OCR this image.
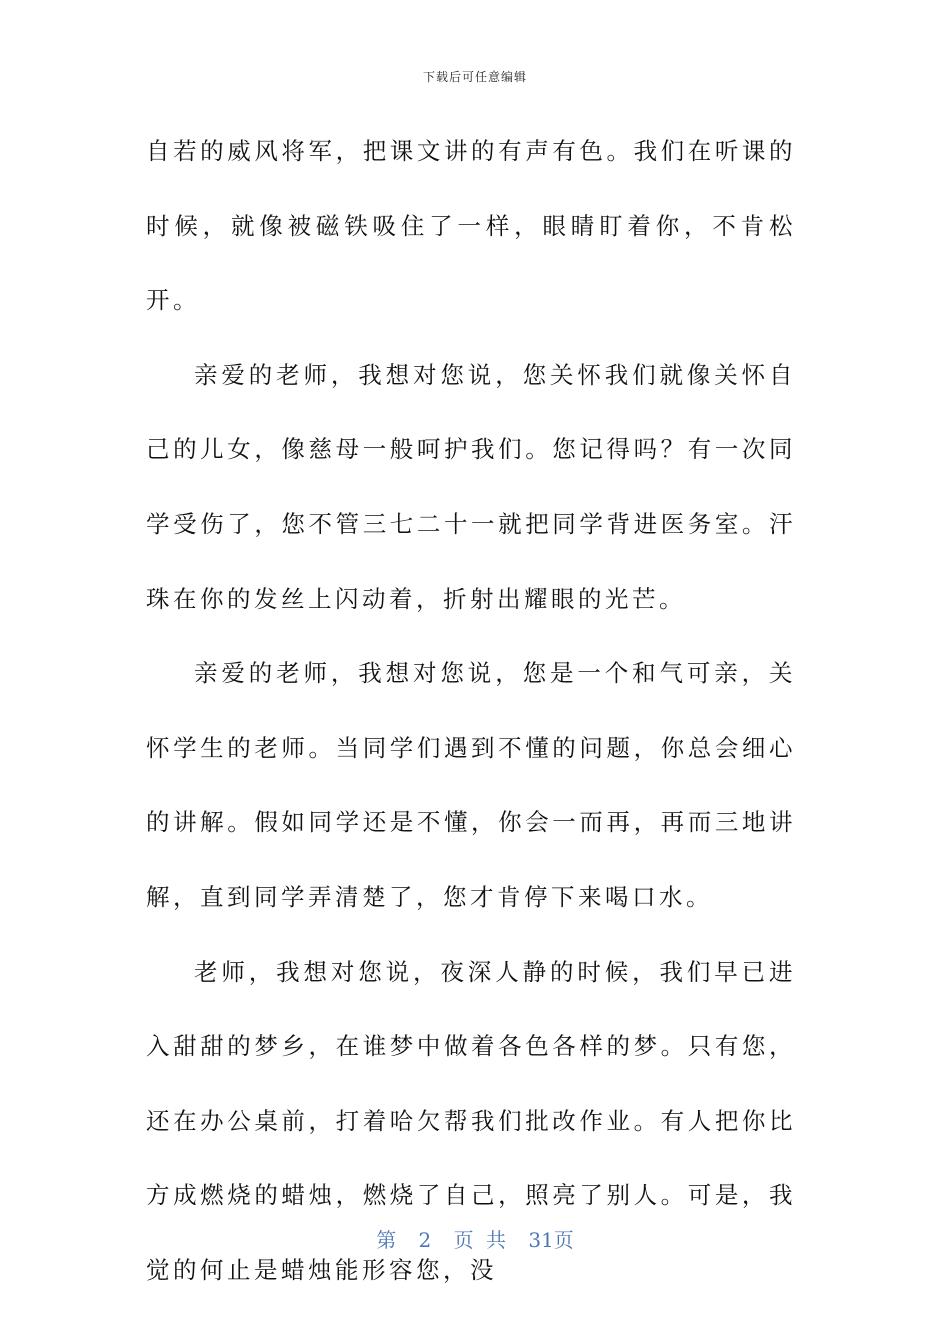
下载后可任意编辑

自若的威风将军，把课文讲的有声有色。我们在听课的时候，就像被磁铁吸住了一样，眼睛盯着你，不肯松开。

亲爱的老师，我想对您说，您关怀我们就像关怀自己的儿女，像慈母一般呵护我们。您记得吗？有一次同学受伤了，您不管三七二十一就把同学背进医务室。汗珠在你的发丝上闪动着，折射出耀眼的光芒。

亲爱的老师，我想对您说，您是一个和气可亲，关怀学生的老师。当同学们遇到不懂的问题，你总会细心的讲解。假如同学还是不懂，你会一而再，再而三地讲解，直到同学弄清楚了，您才肯停下来喝口水。

老师，我想对您说，夜深人静的时候，我们早已进入甜甜的梦乡，在谁梦中做着各色各样的梦。只有您，还在办公桌前，打着哈欠帮我们批改作业。有人把你比方成燃烧的蜡烛，燃烧了自己，照亮了别人。可是，我觉的何止是蜡烛能形容您，没

第 2 页 共 31页
